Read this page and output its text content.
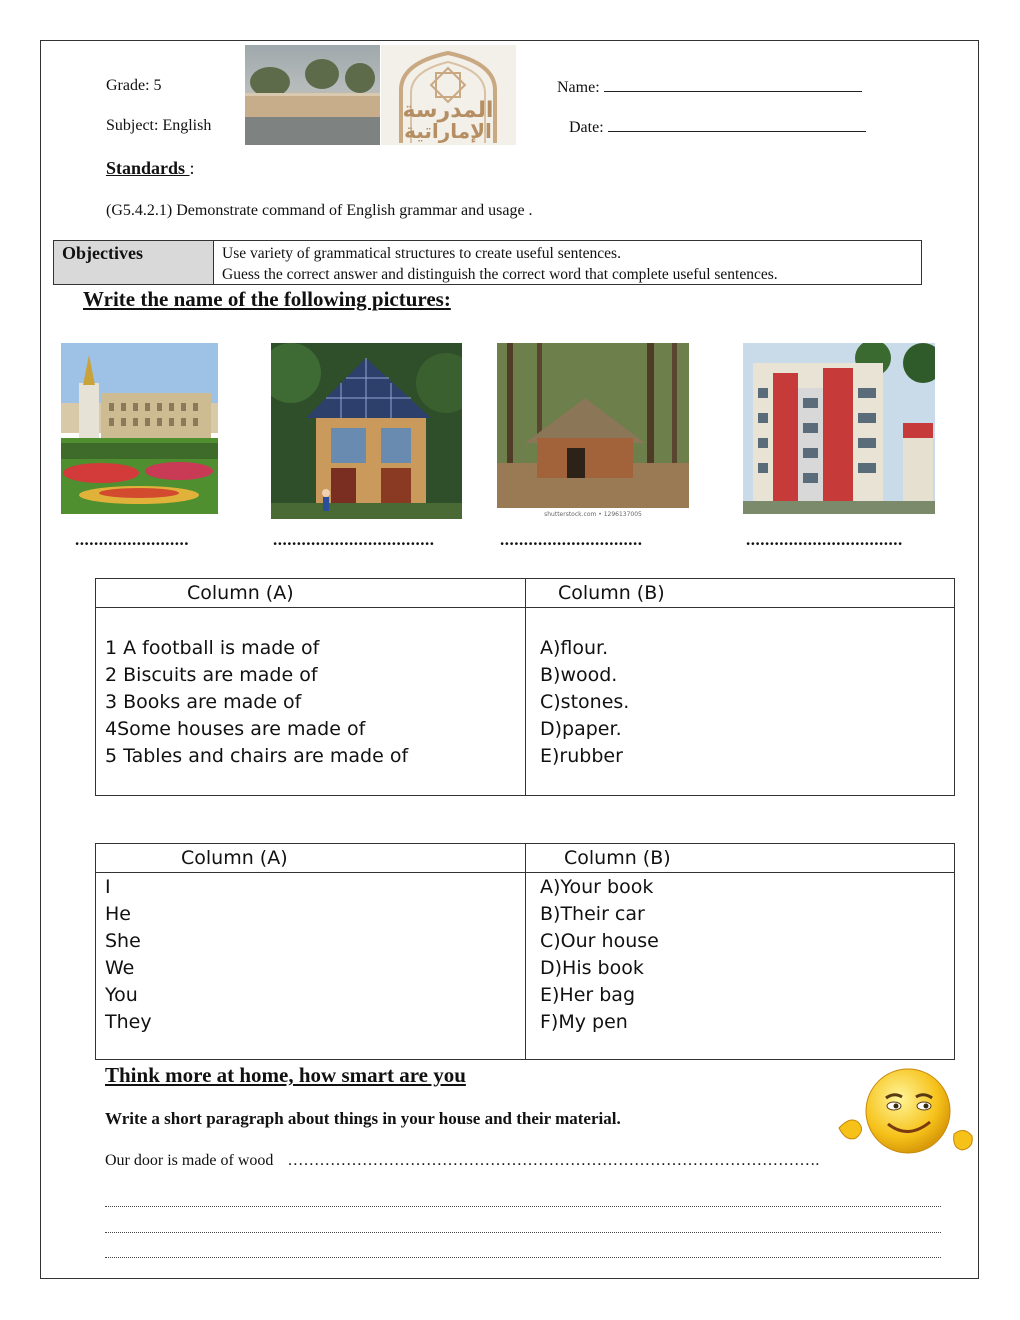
Grade: 5
Subject: English
المدرسة
الإماراتية
Name:
Date:
Standards :
(G5.4.2.1) Demonstrate command of English grammar and usage .
Objectives	Use variety of grammatical structures to create useful sentences.
Guess the correct answer and distinguish the correct word that complete useful sentences.
Write the name of the following pictures:
shutterstock.com • 1296137005
........................	..................................	..............................	.................................
Column (A)	Column (B)
1 A football is made of
2 Biscuits are made of
3 Books are made of
4Some houses are made of
5 Tables and chairs are made of
A)flour.
B)wood.
C)stones.
D)paper.
E)rubber
Column (A)	Column (B)
I
He
She
We
You
They
A)Your book
B)Their car
C)Our house
D)His book
E)Her bag
F)My pen
Think more at home, how smart are you
Write a short paragraph about things in your house and their material.
Our door is made of wood ……………………………………………………………………………………….
